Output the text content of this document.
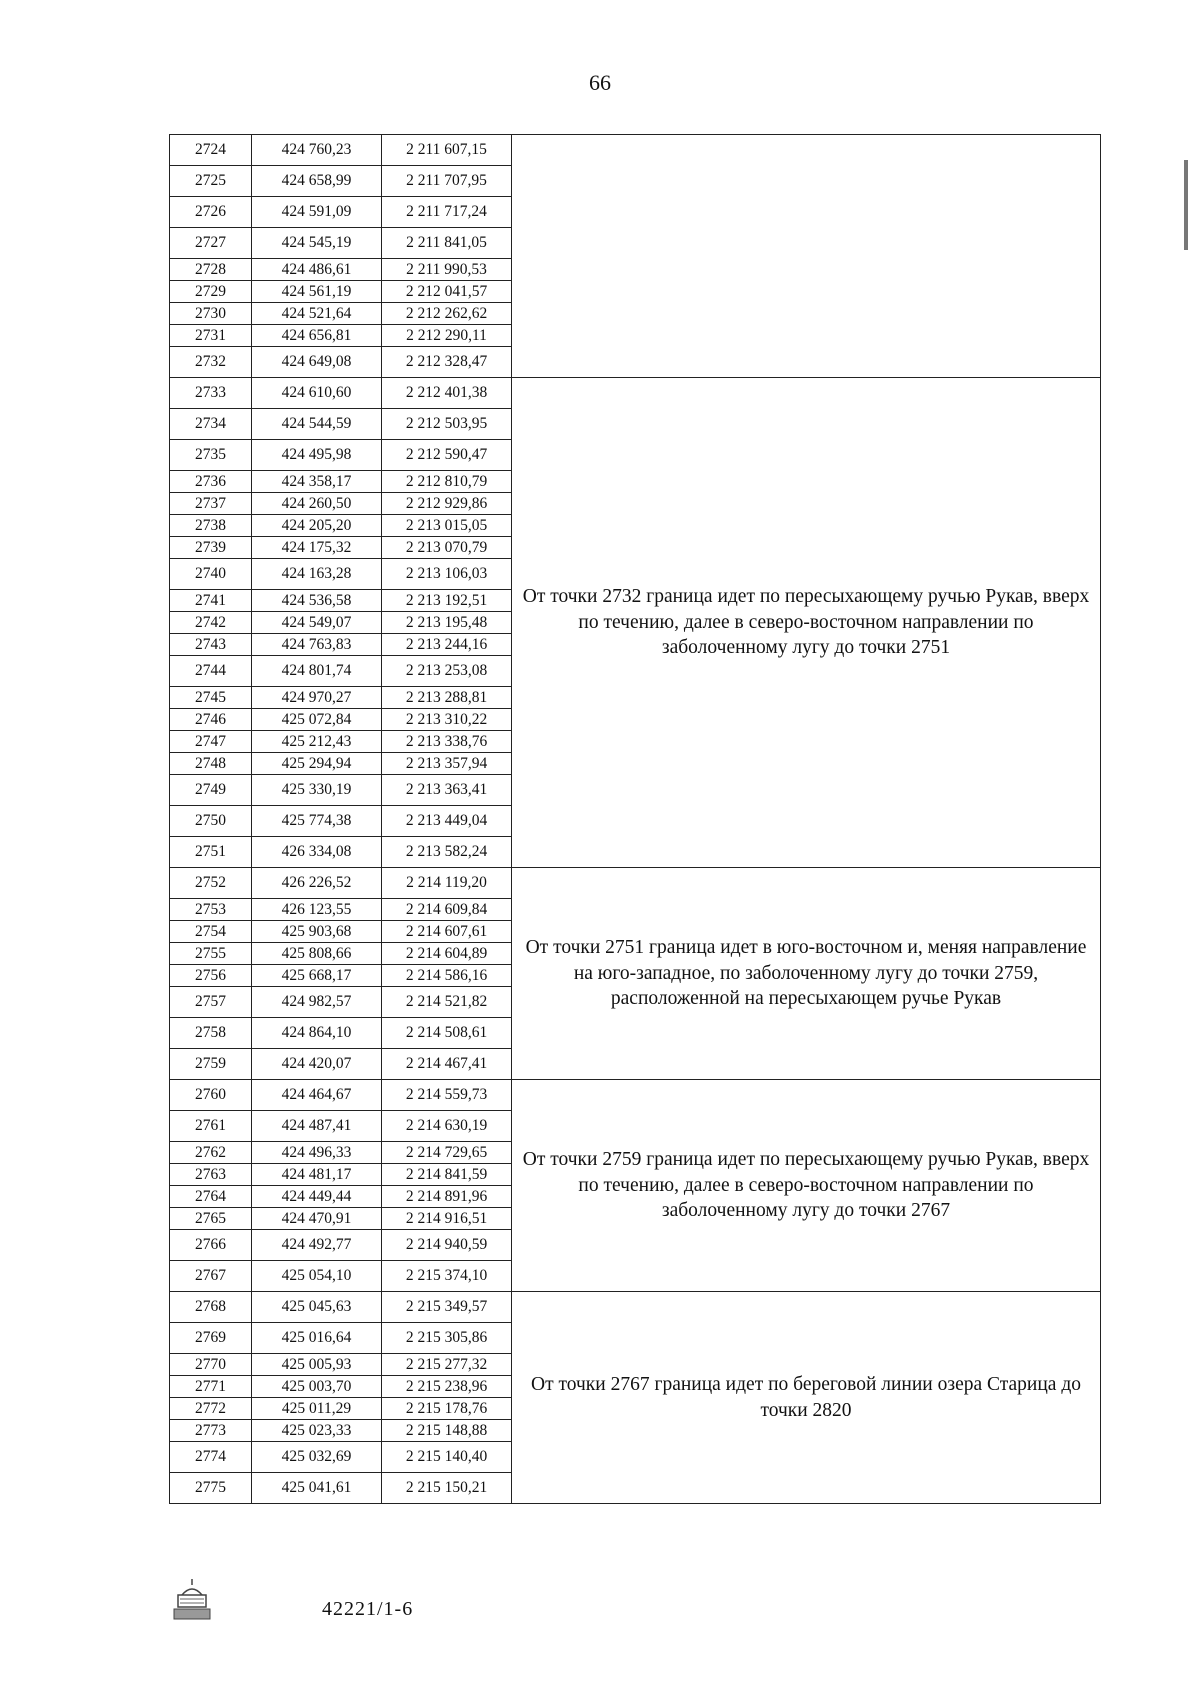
66
2724	424 760,23	2 211 607,15	
2725	424 658,99	2 211 707,95	
2726	424 591,09	2 211 717,24	
2727	424 545,19	2 211 841,05	
2728	424 486,61	2 211 990,53	
2729	424 561,19	2 212 041,57	
2730	424 521,64	2 212 262,62	
2731	424 656,81	2 212 290,11	
2732	424 649,08	2 212 328,47	
2733	424 610,60	2 212 401,38	От точки 2732 граница идет по пересыхающему ручью Рукав, вверх по течению, далее в северо-восточном направлении по заболоченному лугу до точки 2751
2734	424 544,59	2 212 503,95	
2735	424 495,98	2 212 590,47	
2736	424 358,17	2 212 810,79	
2737	424 260,50	2 212 929,86	
2738	424 205,20	2 213 015,05	
2739	424 175,32	2 213 070,79	
2740	424 163,28	2 213 106,03	
2741	424 536,58	2 213 192,51	
2742	424 549,07	2 213 195,48	
2743	424 763,83	2 213 244,16	
2744	424 801,74	2 213 253,08	
2745	424 970,27	2 213 288,81	
2746	425 072,84	2 213 310,22	
2747	425 212,43	2 213 338,76	
2748	425 294,94	2 213 357,94	
2749	425 330,19	2 213 363,41	
2750	425 774,38	2 213 449,04	
2751	426 334,08	2 213 582,24	
2752	426 226,52	2 214 119,20	От точки 2751 граница идет в юго-восточном и, меняя направление на юго-западное, по заболоченному лугу до точки 2759, расположенной на пересыхающем ручье Рукав
2753	426 123,55	2 214 609,84	
2754	425 903,68	2 214 607,61	
2755	425 808,66	2 214 604,89	
2756	425 668,17	2 214 586,16	
2757	424 982,57	2 214 521,82	
2758	424 864,10	2 214 508,61	
2759	424 420,07	2 214 467,41	
2760	424 464,67	2 214 559,73	От точки 2759 граница идет по пересыхающему ручью Рукав, вверх по течению, далее в северо-восточном направлении по заболоченному лугу до точки 2767
2761	424 487,41	2 214 630,19	
2762	424 496,33	2 214 729,65	
2763	424 481,17	2 214 841,59	
2764	424 449,44	2 214 891,96	
2765	424 470,91	2 214 916,51	
2766	424 492,77	2 214 940,59	
2767	425 054,10	2 215 374,10	
2768	425 045,63	2 215 349,57	От точки 2767 граница идет по береговой линии озера Старица до точки 2820
2769	425 016,64	2 215 305,86	
2770	425 005,93	2 215 277,32	
2771	425 003,70	2 215 238,96	
2772	425 011,29	2 215 178,76	
2773	425 023,33	2 215 148,88	
2774	425 032,69	2 215 140,40	
2775	425 041,61	2 215 150,21	
42221/1-6
